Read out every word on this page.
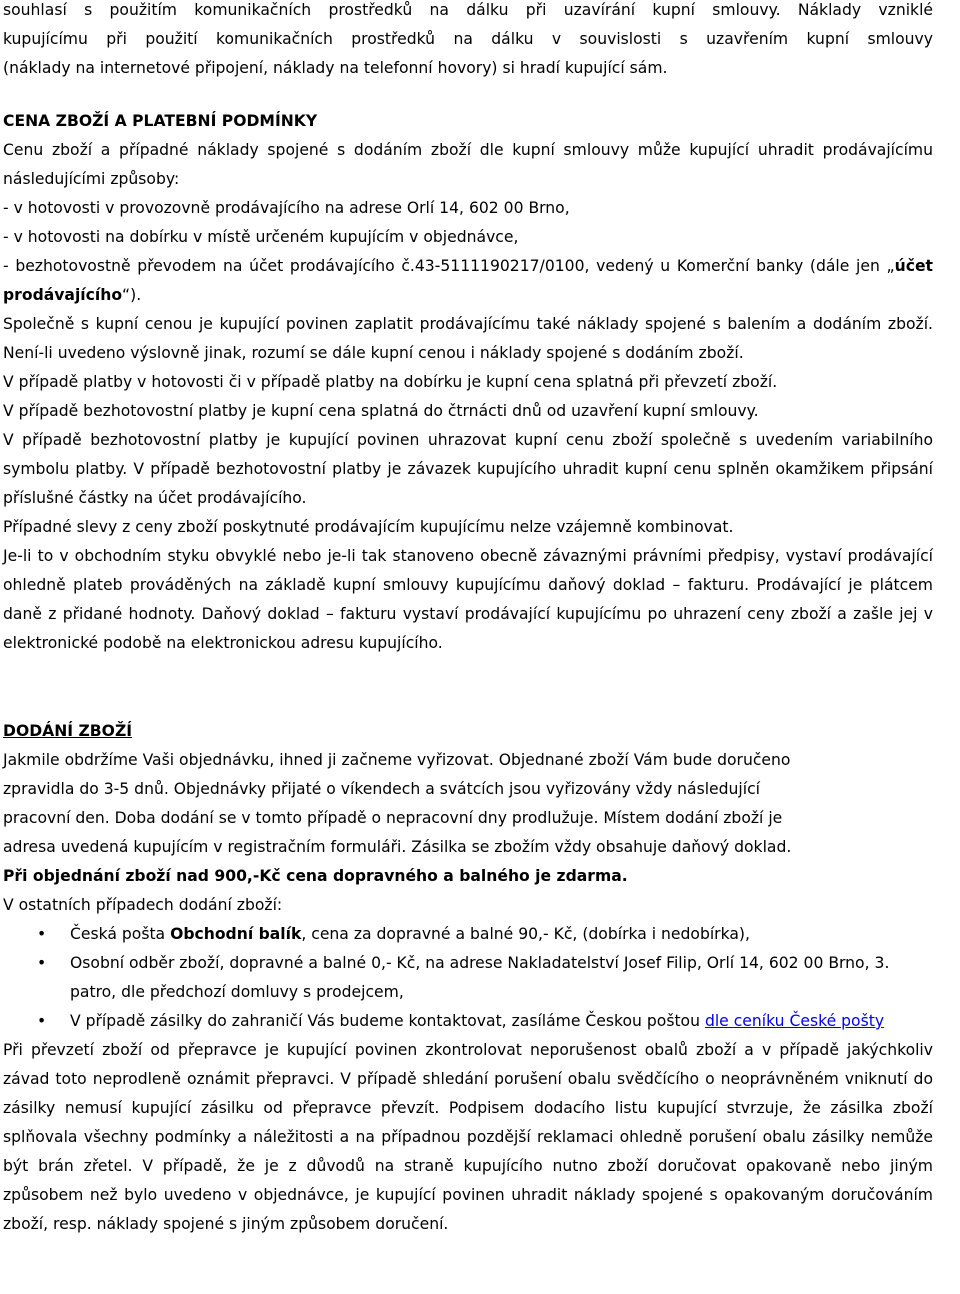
souhlasí s použitím komunikačních prostředků na dálku při uzavírání kupní smlouvy. Náklady vzniklé
kupujícímu při použití komunikačních prostředků na dálku v souvislosti s uzavřením kupní smlouvy
(náklady na internetové připojení, náklady na telefonní hovory) si hradí kupující sám.

CENA ZBOŽÍ A PLATEBNÍ PODMÍNKY

Cenu zboží a případné náklady spojené s dodáním zboží dle kupní smlouvy může kupující uhradit prodávajícímu následujícími způsoby:

- v hotovosti v provozovně prodávajícího na adrese Orlí 14, 602 00 Brno,

- v hotovosti na dobírku v místě určeném kupujícím v objednávce,

- bezhotovostně převodem na účet prodávajícího č.43-5111190217/0100, vedený u Komerční banky (dále jen „účet prodávajícího“).

Společně s kupní cenou je kupující povinen zaplatit prodávajícímu také náklady spojené s balením a dodáním zboží. Není-li uvedeno výslovně jinak, rozumí se dále kupní cenou i náklady spojené s dodáním zboží.

V případě platby v hotovosti či v případě platby na dobírku je kupní cena splatná při převzetí zboží.

V případě bezhotovostní platby je kupní cena splatná do čtrnácti dnů od uzavření kupní smlouvy.

V případě bezhotovostní platby je kupující povinen uhrazovat kupní cenu zboží společně s uvedením variabilního symbolu platby. V případě bezhotovostní platby je závazek kupujícího uhradit kupní cenu splněn okamžikem připsání příslušné částky na účet prodávajícího.

Případné slevy z ceny zboží poskytnuté prodávajícím kupujícímu nelze vzájemně kombinovat.

Je-li to v obchodním styku obvyklé nebo je-li tak stanoveno obecně závaznými právními předpisy, vystaví prodávající ohledně plateb prováděných na základě kupní smlouvy kupujícímu daňový doklad – fakturu. Prodávající je plátcem daně z přidané hodnoty. Daňový doklad – fakturu vystaví prodávající kupujícímu po uhrazení ceny zboží a zašle jej v elektronické podobě na elektronickou adresu kupujícího.

DODÁNÍ ZBOŽÍ

Jakmile obdržíme Vaši objednávku, ihned ji začneme vyřizovat. Objednané zboží Vám bude doručeno
zpravidla do 3-5 dnů. Objednávky přijaté o víkendech a svátcích jsou vyřizovány vždy následující
pracovní den. Doba dodání se v tomto případě o nepracovní dny prodlužuje. Místem dodání zboží je
adresa uvedená kupujícím v registračním formuláři. Zásilka se zbožím vždy obsahuje daňový doklad.

Při objednání zboží nad 900,-Kč cena dopravného a balného je zdarma.

V ostatních případech dodání zboží:

• Česká pošta Obchodní balík, cena za dopravné a balné 90,- Kč, (dobírka i nedobírka),
• Osobní odběr zboží, dopravné a balné 0,- Kč, na adrese Nakladatelství Josef Filip, Orlí 14, 602 00 Brno, 3. patro, dle předchozí domluvy s prodejcem,
• V případě zásilky do zahraničí Vás budeme kontaktovat, zasíláme Českou poštou dle ceníku České pošty

Při převzetí zboží od přepravce je kupující povinen zkontrolovat neporušenost obalů zboží a v případě jakýchkoliv závad toto neprodleně oznámit přepravci. V případě shledání porušení obalu svědčícího o neoprávněném vniknutí do zásilky nemusí kupující zásilku od přepravce převzít. Podpisem dodacího listu kupující stvrzuje, že zásilka zboží splňovala všechny podmínky a náležitosti a na případnou pozdější reklamaci ohledně porušení obalu zásilky nemůže být brán zřetel. V případě, že je z důvodů na straně kupujícího nutno zboží doručovat opakovaně nebo jiným způsobem než bylo uvedeno v objednávce, je kupující povinen uhradit náklady spojené s opakovaným doručováním zboží, resp. náklady spojené s jiným způsobem doručení.
